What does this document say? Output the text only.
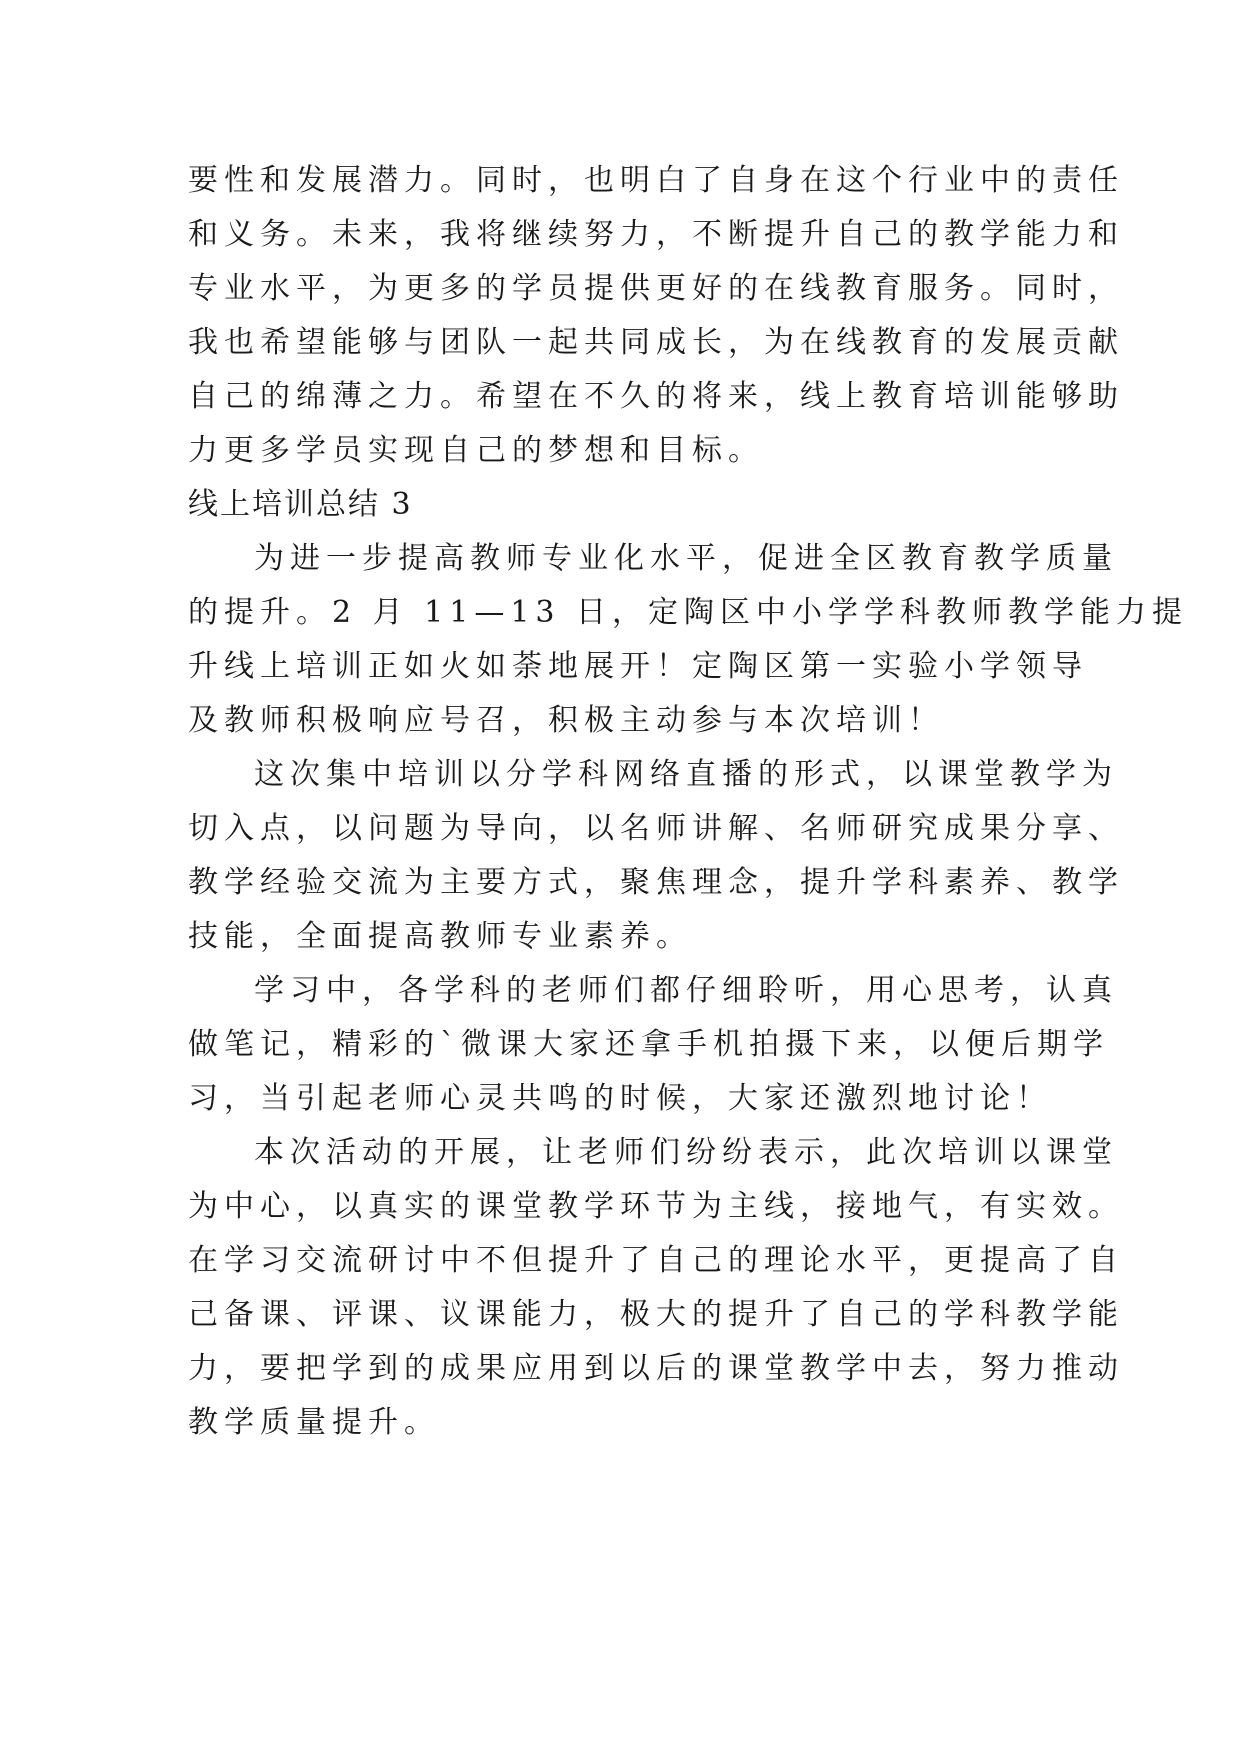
要性和发展潜力。同时，也明白了自身在这个行业中的责任
和义务。未来，我将继续努力，不断提升自己的教学能力和
专业水平，为更多的学员提供更好的在线教育服务。同时，
我也希望能够与团队一起共同成长，为在线教育的发展贡献
自己的绵薄之力。希望在不久的将来，线上教育培训能够助
力更多学员实现自己的梦想和目标。
线上培训总结 3
为进一步提高教师专业化水平，促进全区教育教学质量
的提升。2 月 11—13 日，定陶区中小学学科教师教学能力提
升线上培训正如火如荼地展开！定陶区第一实验小学领导
及教师积极响应号召，积极主动参与本次培训！
这次集中培训以分学科网络直播的形式，以课堂教学为
切入点，以问题为导向，以名师讲解、名师研究成果分享、
教学经验交流为主要方式，聚焦理念，提升学科素养、教学
技能，全面提高教师专业素养。
学习中，各学科的老师们都仔细聆听，用心思考，认真
做笔记，精彩的`微课大家还拿手机拍摄下来，以便后期学
习，当引起老师心灵共鸣的时候，大家还激烈地讨论！
本次活动的开展，让老师们纷纷表示，此次培训以课堂
为中心，以真实的课堂教学环节为主线，接地气，有实效。
在学习交流研讨中不但提升了自己的理论水平，更提高了自
己备课、评课、议课能力，极大的提升了自己的学科教学能
力，要把学到的成果应用到以后的课堂教学中去，努力推动
教学质量提升。
